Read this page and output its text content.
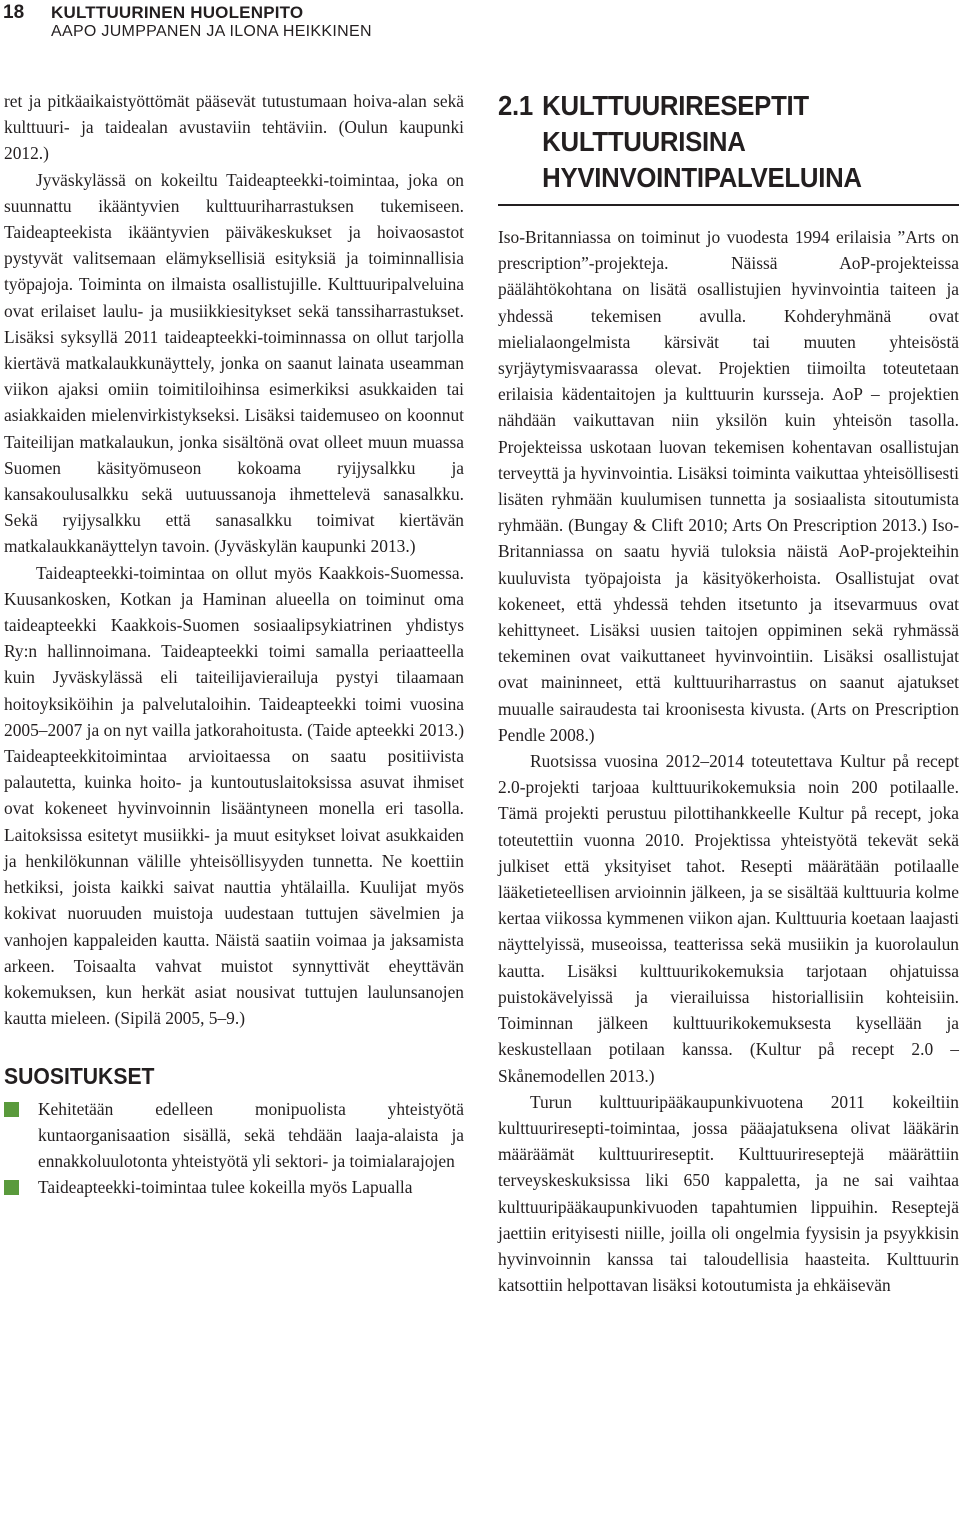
18 KULTTUURINEN HUOLENPITO
AAPO JUMPPANEN JA ILONA HEIKKINEN

ret ja pitkäaikaistyöttömät pääsevät tutustumaan hoiva-alan sekä kulttuuri- ja taidealan avustaviin tehtäviin. (Oulun kaupunki 2012.)

Jyväskylässä on kokeiltu Taideapteekki-toimintaa, joka on suunnattu ikääntyvien kulttuuriharrastuksen tukemiseen. Taideapteekista ikääntyvien päiväkeskukset ja hoivaosastot pystyvät valitsemaan elämyksellisiä esityksiä ja toiminnallisia työpajoja. Toiminta on ilmaista osallistujille. Kulttuuripalveluina ovat erilaiset laulu- ja musiikkiesitykset sekä tanssiharrastukset. Lisäksi syksyllä 2011 taideapteekki-toiminnassa on ollut tarjolla kiertävä matkalaukkunäyttely, jonka on saanut lainata useamman viikon ajaksi omiin toimitiloihinsa esimerkiksi asukkaiden tai asiakkaiden mielenvirkistykseksi. Lisäksi taidemuseo on koonnut Taiteilijan matkalaukun, jonka sisältönä ovat olleet muun muassa Suomen käsityömuseon kokoama ryijysalkku ja kansakoulusalkku sekä uutuussanoja ihmettelevä sanasalkku. Sekä ryijysalkku että sanasalkku toimivat kiertävän matkalaukkanäyttelyn tavoin. (Jyväskylän kaupunki 2013.)

Taideapteekki-toimintaa on ollut myös Kaakkois-Suomessa. Kuusankosken, Kotkan ja Haminan alueella on toiminut oma taideapteekki Kaakkois-Suomen sosiaalipsykiatrinen yhdistys Ry:n hallinnoimana. Taideapteekki toimi samalla periaatteella kuin Jyväskylässä eli taiteilijavierailuja pystyi tilaamaan hoitoyksiköihin ja palvelutaloihin. Taideapteekki toimi vuosina 2005–2007 ja on nyt vailla jatkorahoitusta. (Taide apteekki 2013.) Taideapteekkitoimintaa arvioitaessa on saatu positiivista palautetta, kuinka hoito- ja kuntoutuslaitoksissa asuvat ihmiset ovat kokeneet hyvinvoinnin lisääntyneen monella eri tasolla. Laitoksissa esitetyt musiikki- ja muut esitykset loivat asukkaiden ja henkilökunnan välille yhteisöllisyyden tunnetta. Ne koettiin hetkiksi, joista kaikki saivat nauttia yhtälailla. Kuulijat myös kokivat nuoruuden muistoja uudestaan tuttujen sävelmien ja vanhojen kappaleiden kautta. Näistä saatiin voimaa ja jaksamista arkeen. Toisaalta vahvat muistot synnyttivät eheyttävän kokemuksen, kun herkät asiat nousivat tuttujen laulunsanojen kautta mieleen. (Sipilä 2005, 5–9.)

SUOSITUKSET
Kehitetään edelleen monipuolista yhteistyötä kuntaorganisaation sisällä, sekä tehdään laaja-alaista ja ennakkoluulotonta yhteistyötä yli sektori- ja toimialarajojen
Taideapteekki-toimintaa tulee kokeilla myös Lapualla
2.1 KULTTUURIRESEPTIT
KULTTUURISINA
HYVINVOINTIPALVELUINA

Iso-Britanniassa on toiminut jo vuodesta 1994 erilaisia ”Arts on prescription”-projekteja. Näissä AoP-projekteissa päälähtökohtana on lisätä osallistujien hyvinvointia taiteen ja yhdessä tekemisen avulla. Kohderyhmänä ovat mielialaongelmista kärsivät tai muuten yhteisöstä syrjäytymisvaarassa olevat. Projektien tiimoilta toteutetaan erilaisia kädentaitojen ja kulttuurin kursseja. AoP – projektien nähdään vaikuttavan niin yksilön kuin yhteisön tasolla. Projekteissa uskotaan luovan tekemisen kohentavan osallistujan terveyttä ja hyvinvointia. Lisäksi toiminta vaikuttaa yhteisöllisesti lisäten ryhmään kuulumisen tunnetta ja sosiaalista sitoutumista ryhmään. (Bungay & Clift 2010; Arts On Prescription 2013.) Iso-Britanniassa on saatu hyviä tuloksia näistä AoP-projekteihin kuuluvista työpajoista ja käsityökerhoista. Osallistujat ovat kokeneet, että yhdessä tehden itsetunto ja itsevarmuus ovat kehittyneet. Lisäksi uusien taitojen oppiminen sekä ryhmässä tekeminen ovat vaikuttaneet hyvinvointiin. Lisäksi osallistujat ovat maininneet, että kulttuuriharrastus on saanut ajatukset muualle sairaudesta tai kroonisesta kivusta. (Arts on Prescription Pendle 2008.)

Ruotsissa vuosina 2012–2014 toteutettava Kultur på recept 2.0-projekti tarjoaa kulttuurikokemuksia noin 200 potilaalle. Tämä projekti perustuu pilottihankkeelle Kultur på recept, joka toteutettiin vuonna 2010. Projektissa yhteistyötä tekevät sekä julkiset että yksityiset tahot. Resepti määrätään potilaalle lääketieteellisen arvioinnin jälkeen, ja se sisältää kulttuuria kolme kertaa viikossa kymmenen viikon ajan. Kulttuuria koetaan laajasti näyttelyissä, museoissa, teatterissa sekä musiikin ja kuorolaulun kautta. Lisäksi kulttuurikokemuksia tarjotaan ohjatuissa puistokävelyissä ja vierailuissa historiallisiin kohteisiin. Toiminnan jälkeen kulttuurikokemuksesta kysellään ja keskustellaan potilaan kanssa. (Kultur på recept 2.0 – Skånemodellen 2013.)

Turun kulttuuripääkaupunkivuotena 2011 kokeiltiin kulttuuriresepti-toimintaa, jossa pääajatuksena olivat lääkärin määräämät kulttuurireseptit. Kulttuurireseptejä määrättiin terveyskeskuksissa liki 650 kappaletta, ja ne sai vaihtaa kulttuuripääkaupunkivuoden tapahtumien lippuihin. Reseptejä jaettiin erityisesti niille, joilla oli ongelmia fyysisin ja psyykkisin hyvinvoinnin kanssa tai taloudellisia haasteita. Kulttuurin katsottiin helpottavan lisäksi kotoutumista ja ehkäisevän
